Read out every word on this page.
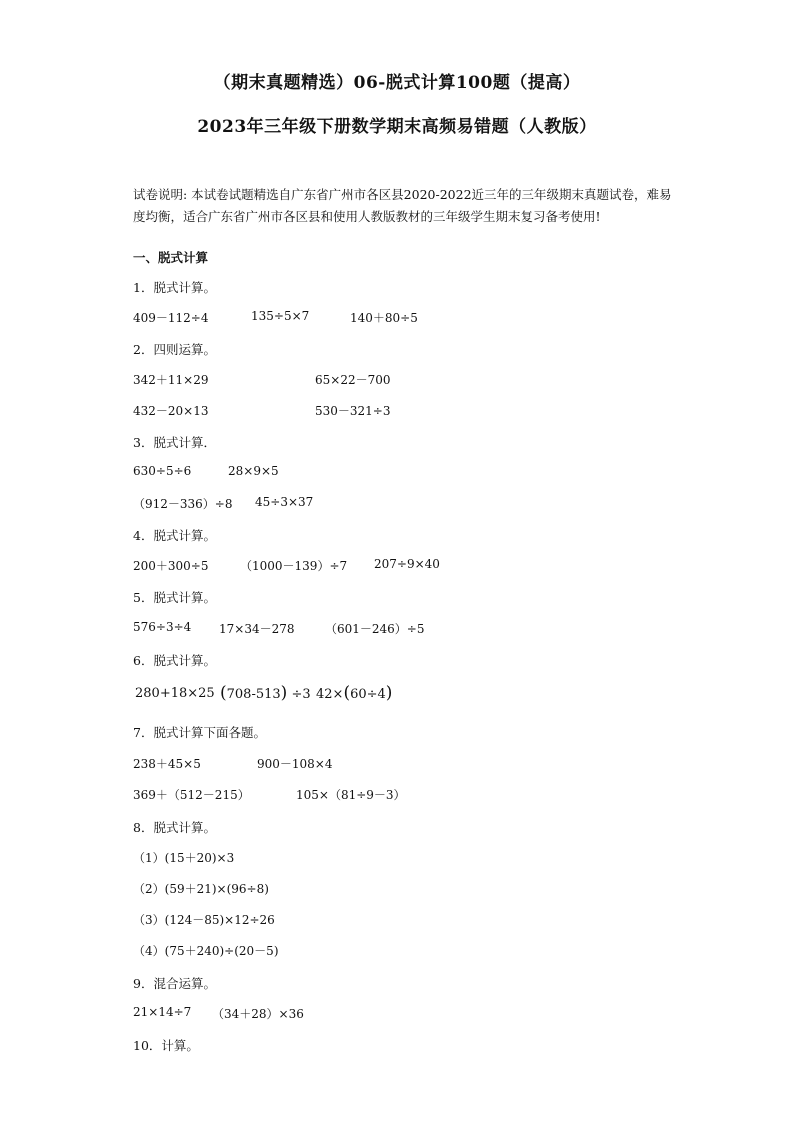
（期末真题精选）06-脱式计算100题（提高）
2023年三年级下册数学期末高频易错题（人教版）
试卷说明: 本试卷试题精选自广东省广州市各区县2020-2022近三年的三年级期末真题试卷，难易度均衡，适合广东省广州市各区县和使用人教版教材的三年级学生期末复习备考使用!
一、脱式计算
1．脱式计算。
409－112÷4	135÷5×7	140＋80÷5
2．四则运算。
342＋11×29	65×22－700
432－20×13	530－321÷3
3．脱式计算．
630÷5÷6	28×9×5
（912－336）÷8 45÷3×37
4．脱式计算。
200＋300÷5	（1000－139）÷7 207÷9×40
5．脱式计算。
576÷3÷4 17×34－278	（601－246）÷5
6．脱式计算。
280+18×25 (708-513) ÷3 42×(60÷4)
7．脱式计算下面各题。
238＋45×5	900－108×4
369＋（512－215）	105×（81÷9－3）
8．脱式计算。
（1）(15＋20)×3
（2）(59＋21)×(96÷8)
（3）(124－85)×12÷26
（4）(75＋240)÷(20－5)
9．混合运算。
21×14÷7 （34＋28）×36
10．计算。
